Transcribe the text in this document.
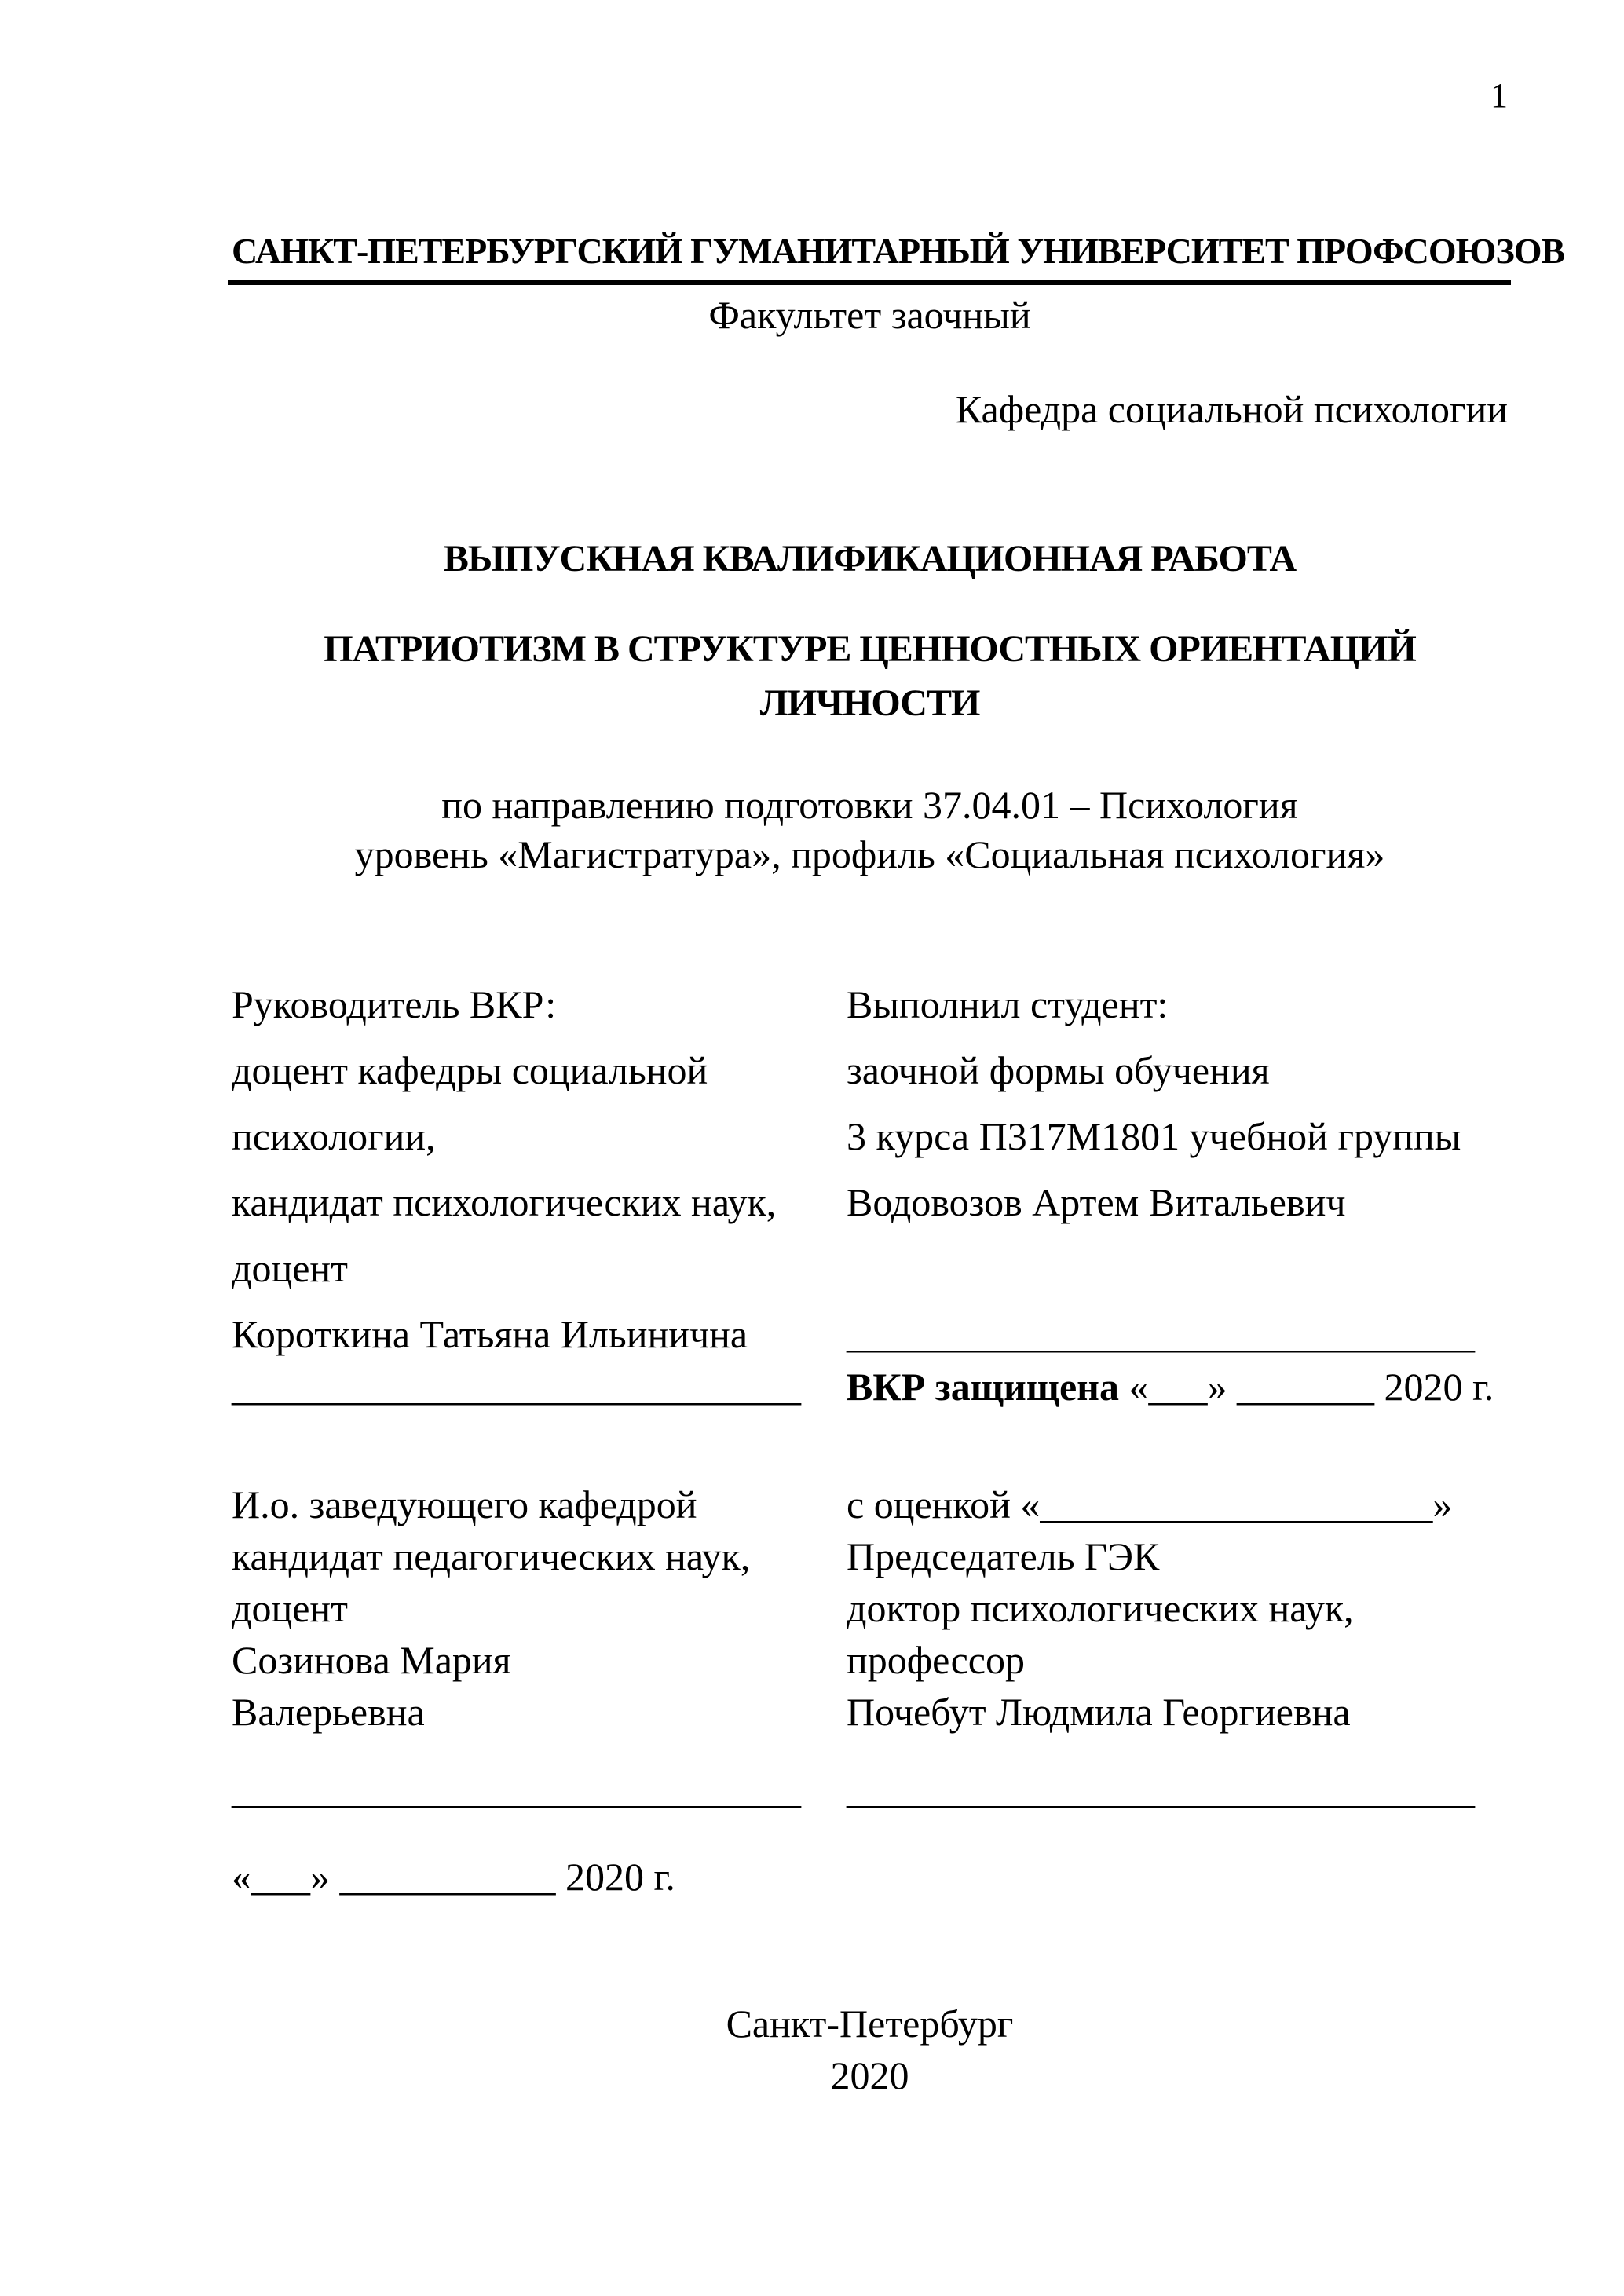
1
САНКТ-ПЕТЕРБУРГСКИЙ ГУМАНИТАРНЫЙ УНИВЕРСИТЕТ ПРОФСОЮЗОВ
Факультет заочный
Кафедра социальной психологии
ВЫПУСКНАЯ КВАЛИФИКАЦИОННАЯ РАБОТА
ПАТРИОТИЗМ В СТРУКТУРЕ ЦЕННОСТНЫХ ОРИЕНТАЦИЙ
ЛИЧНОСТИ
по направлению подготовки 37.04.01 – Психология
уровень «Магистратура», профиль «Социальная психология»
Руководитель ВКР:
доцент кафедры социальной
психологии,
кандидат психологических наук,
доцент
Короткина Татьяна Ильинична
Выполнил студент:
заочной формы обучения
3 курса П317М1801 учебной группы
Водовозов Артем Витальевич
________________________________
_____________________________	ВКР защищена «___» _______ 2020 г.
И.о. заведующего кафедрой
кандидат педагогических наук,
доцент
Созинова Мария
Валерьевна
с оценкой «____________________»
Председатель ГЭК
доктор психологических наук,
профессор
Почебут Людмила Георгиевна
_____________________________	________________________________
«___» ___________ 2020 г.
Санкт-Петербург
2020
